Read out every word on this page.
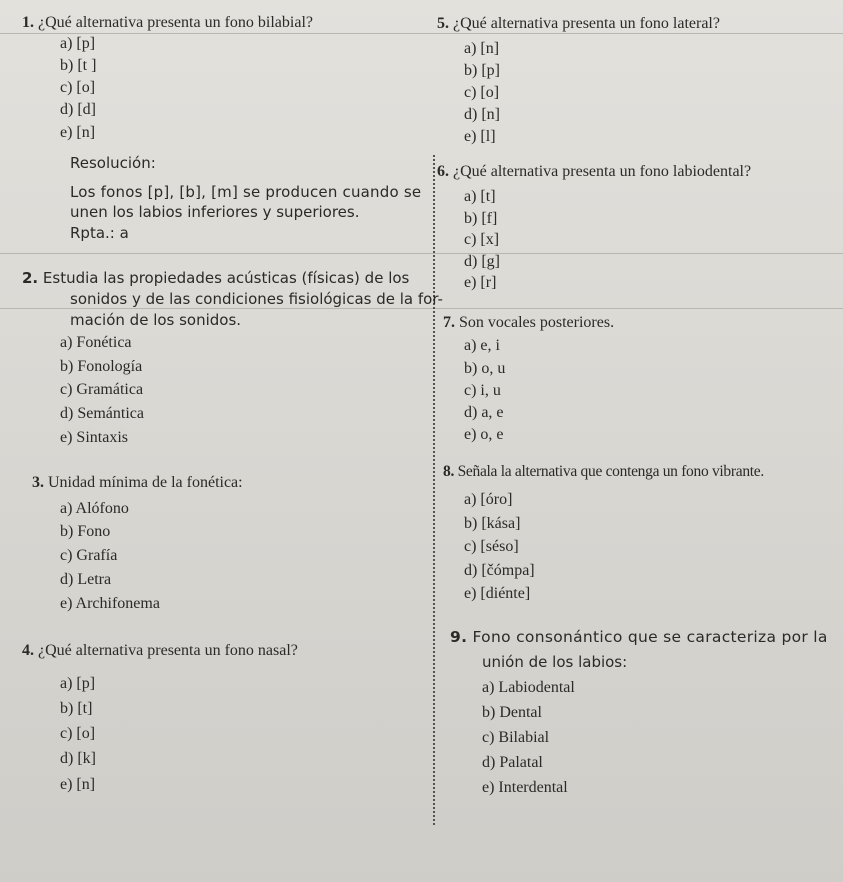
1. ¿Qué alternativa presenta un fono bilabial?
a) [p]
b) [t ]
c) [o]
d) [d]
e) [n]
Resolución:
Los fonos [p], [b], [m] se producen cuando se
unen los labios inferiores y superiores.
Rpta.: a
2. Estudia las propiedades acústicas (físicas) de los
sonidos y de las condiciones fisiológicas de la for-
mación de los sonidos.
a) Fonética
b) Fonología
c) Gramática
d) Semántica
e) Sintaxis
3. Unidad mínima de la fonética:
a) Alófono
b) Fono
c) Grafía
d) Letra
e) Archifonema
4. ¿Qué alternativa presenta un fono nasal?
a) [p]
b) [t]
c) [o]
d) [k]
e) [n]
5. ¿Qué alternativa presenta un fono lateral?
a) [n]
b) [p]
c) [o]
d) [n]
e) [l]
6. ¿Qué alternativa presenta un fono labiodental?
a) [t]
b) [f]
c) [x]
d) [g]
e) [r]
7. Son vocales posteriores.
a) e, i
b) o, u
c) i, u
d) a, e
e) o, e
8. Señala la alternativa que contenga un fono vibrante.
a) [óro]
b) [kása]
c) [séso]
d) [čómpa]
e) [diénte]
9. Fono consonántico que se caracteriza por la
unión de los labios:
a) Labiodental
b) Dental
c) Bilabial
d) Palatal
e) Interdental
